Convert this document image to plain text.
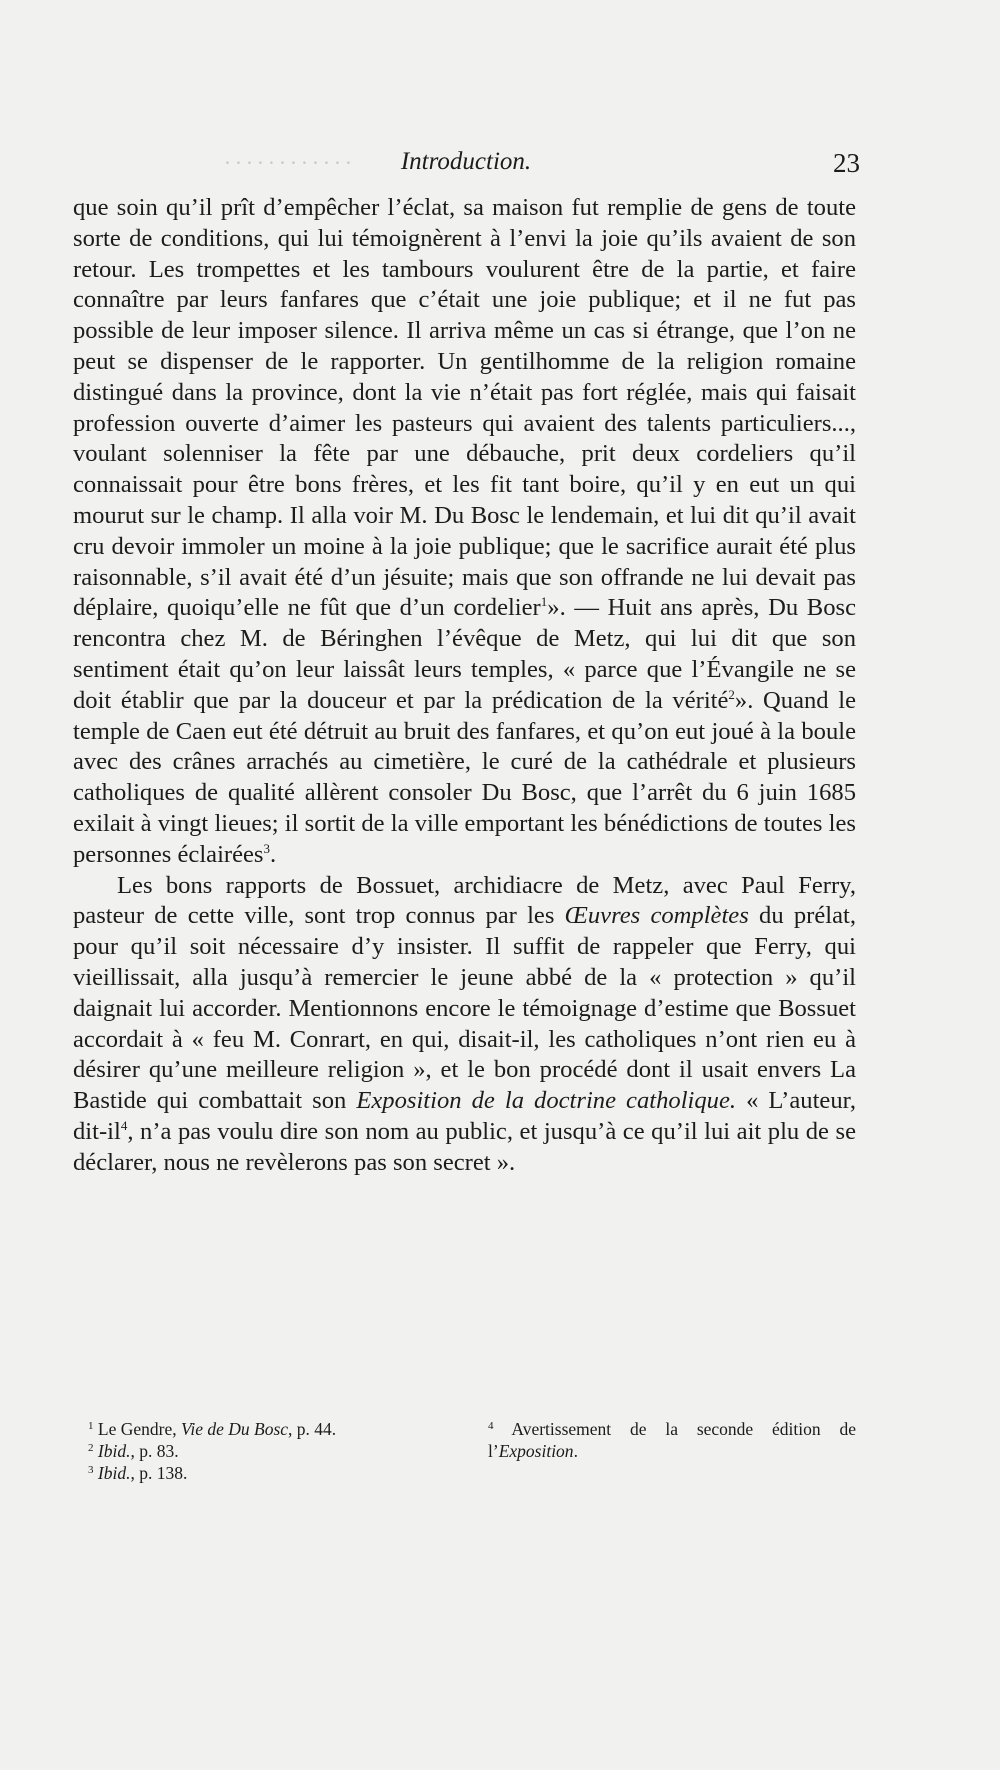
· · · · · · · · · · · ·	Introduction.	23

que soin qu’il prît d’empêcher l’éclat, sa maison fut remplie de gens de toute sorte de conditions, qui lui témoignèrent à l’envi la joie qu’ils avaient de son retour. Les trompettes et les tambours voulurent être de la partie, et faire connaître par leurs fanfares que c’était une joie publique; et il ne fut pas possible de leur imposer silence. Il arriva même un cas si étrange, que l’on ne peut se dispenser de le rapporter. Un gentilhomme de la religion romaine distingué dans la province, dont la vie n’était pas fort réglée, mais qui faisait profession ouverte d’aimer les pasteurs qui avaient des talents particuliers..., voulant solenniser la fête par une débauche, prit deux cordeliers qu’il connaissait pour être bons frères, et les fit tant boire, qu’il y en eut un qui mourut sur le champ. Il alla voir M. Du Bosc le lendemain, et lui dit qu’il avait cru devoir immoler un moine à la joie publique; que le sacrifice aurait été plus raisonnable, s’il avait été d’un jésuite; mais que son offrande ne lui devait pas déplaire, quoiqu’elle ne fût que d’un cordelier$^1$». — Huit ans après, Du Bosc rencontra chez M. de Béringhen l’évêque de Metz, qui lui dit que son sentiment était qu’on leur laissât leurs temples, « parce que l’Évangile ne se doit établir que par la douceur et par la prédication de la vérité$^2$». Quand le temple de Caen eut été détruit au bruit des fanfares, et qu’on eut joué à la boule avec des crânes arrachés au cimetière, le curé de la cathédrale et plusieurs catholiques de qualité allèrent consoler Du Bosc, que l’arrêt du 6 juin 1685 exilait à vingt lieues; il sortit de la ville emportant les bénédictions de toutes les personnes éclairées$^3$.

Les bons rapports de Bossuet, archidiacre de Metz, avec Paul Ferry, pasteur de cette ville, sont trop connus par les Œuvres complètes du prélat, pour qu’il soit nécessaire d’y insister. Il suffit de rappeler que Ferry, qui vieillissait, alla jusqu’à remercier le jeune abbé de la « protection » qu’il daignait lui accorder. Mentionnons encore le témoignage d’estime que Bossuet accordait à « feu M. Conrart, en qui, disait-il, les catholiques n’ont rien eu à désirer qu’une meilleure religion », et le bon procédé dont il usait envers La Bastide qui combattait son Exposition de la doctrine catholique. « L’auteur, dit-$il^4$, n’a pas voulu dire son nom au public, et jusqu’à ce qu’il lui ait plu de se déclarer, nous ne revèlerons pas son secret ».

$^1$ Le Gendre, Vie de Du Bosc, p. 44.

$^2$ Ibid., p. 83.

$^3$ Ibid., p. 138.

$^4$ Avertissement de la seconde édition de l’Exposition.
